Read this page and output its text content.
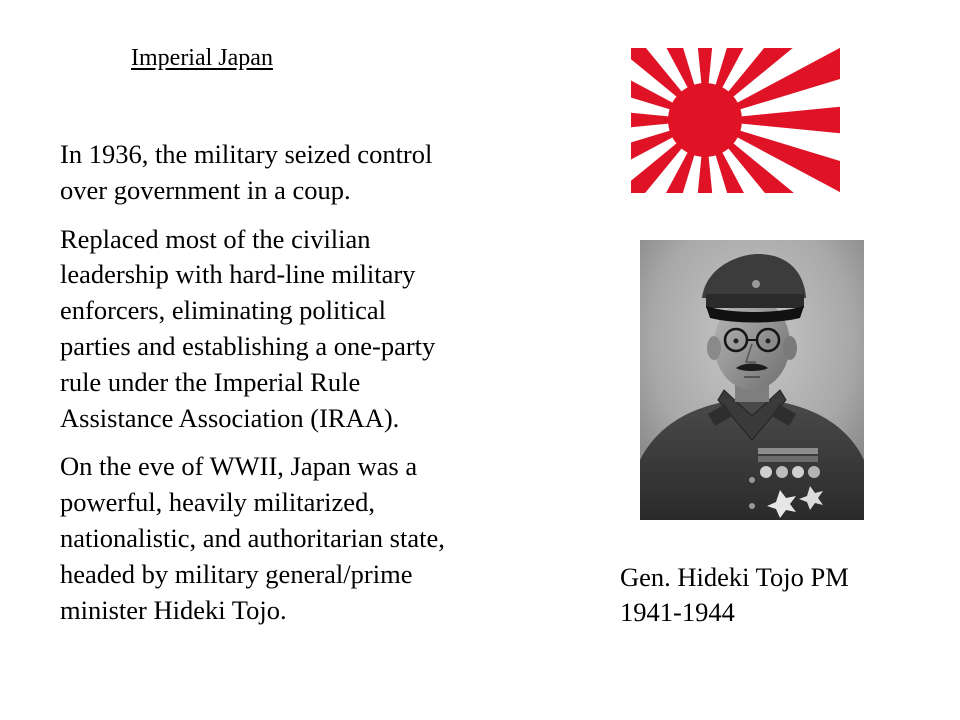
Imperial Japan

In 1936, the military seized control
over government in a coup.

Replaced most of the civilian
leadership with hard-line military
enforcers, eliminating political
parties and establishing a one-party
rule under the Imperial Rule
Assistance Association (IRAA).

On the eve of WWII, Japan was a
powerful, heavily militarized,
nationalistic, and authoritarian state,
headed by military general/prime
minister Hideki Tojo.

Gen. Hideki Tojo PM
1941-1944
